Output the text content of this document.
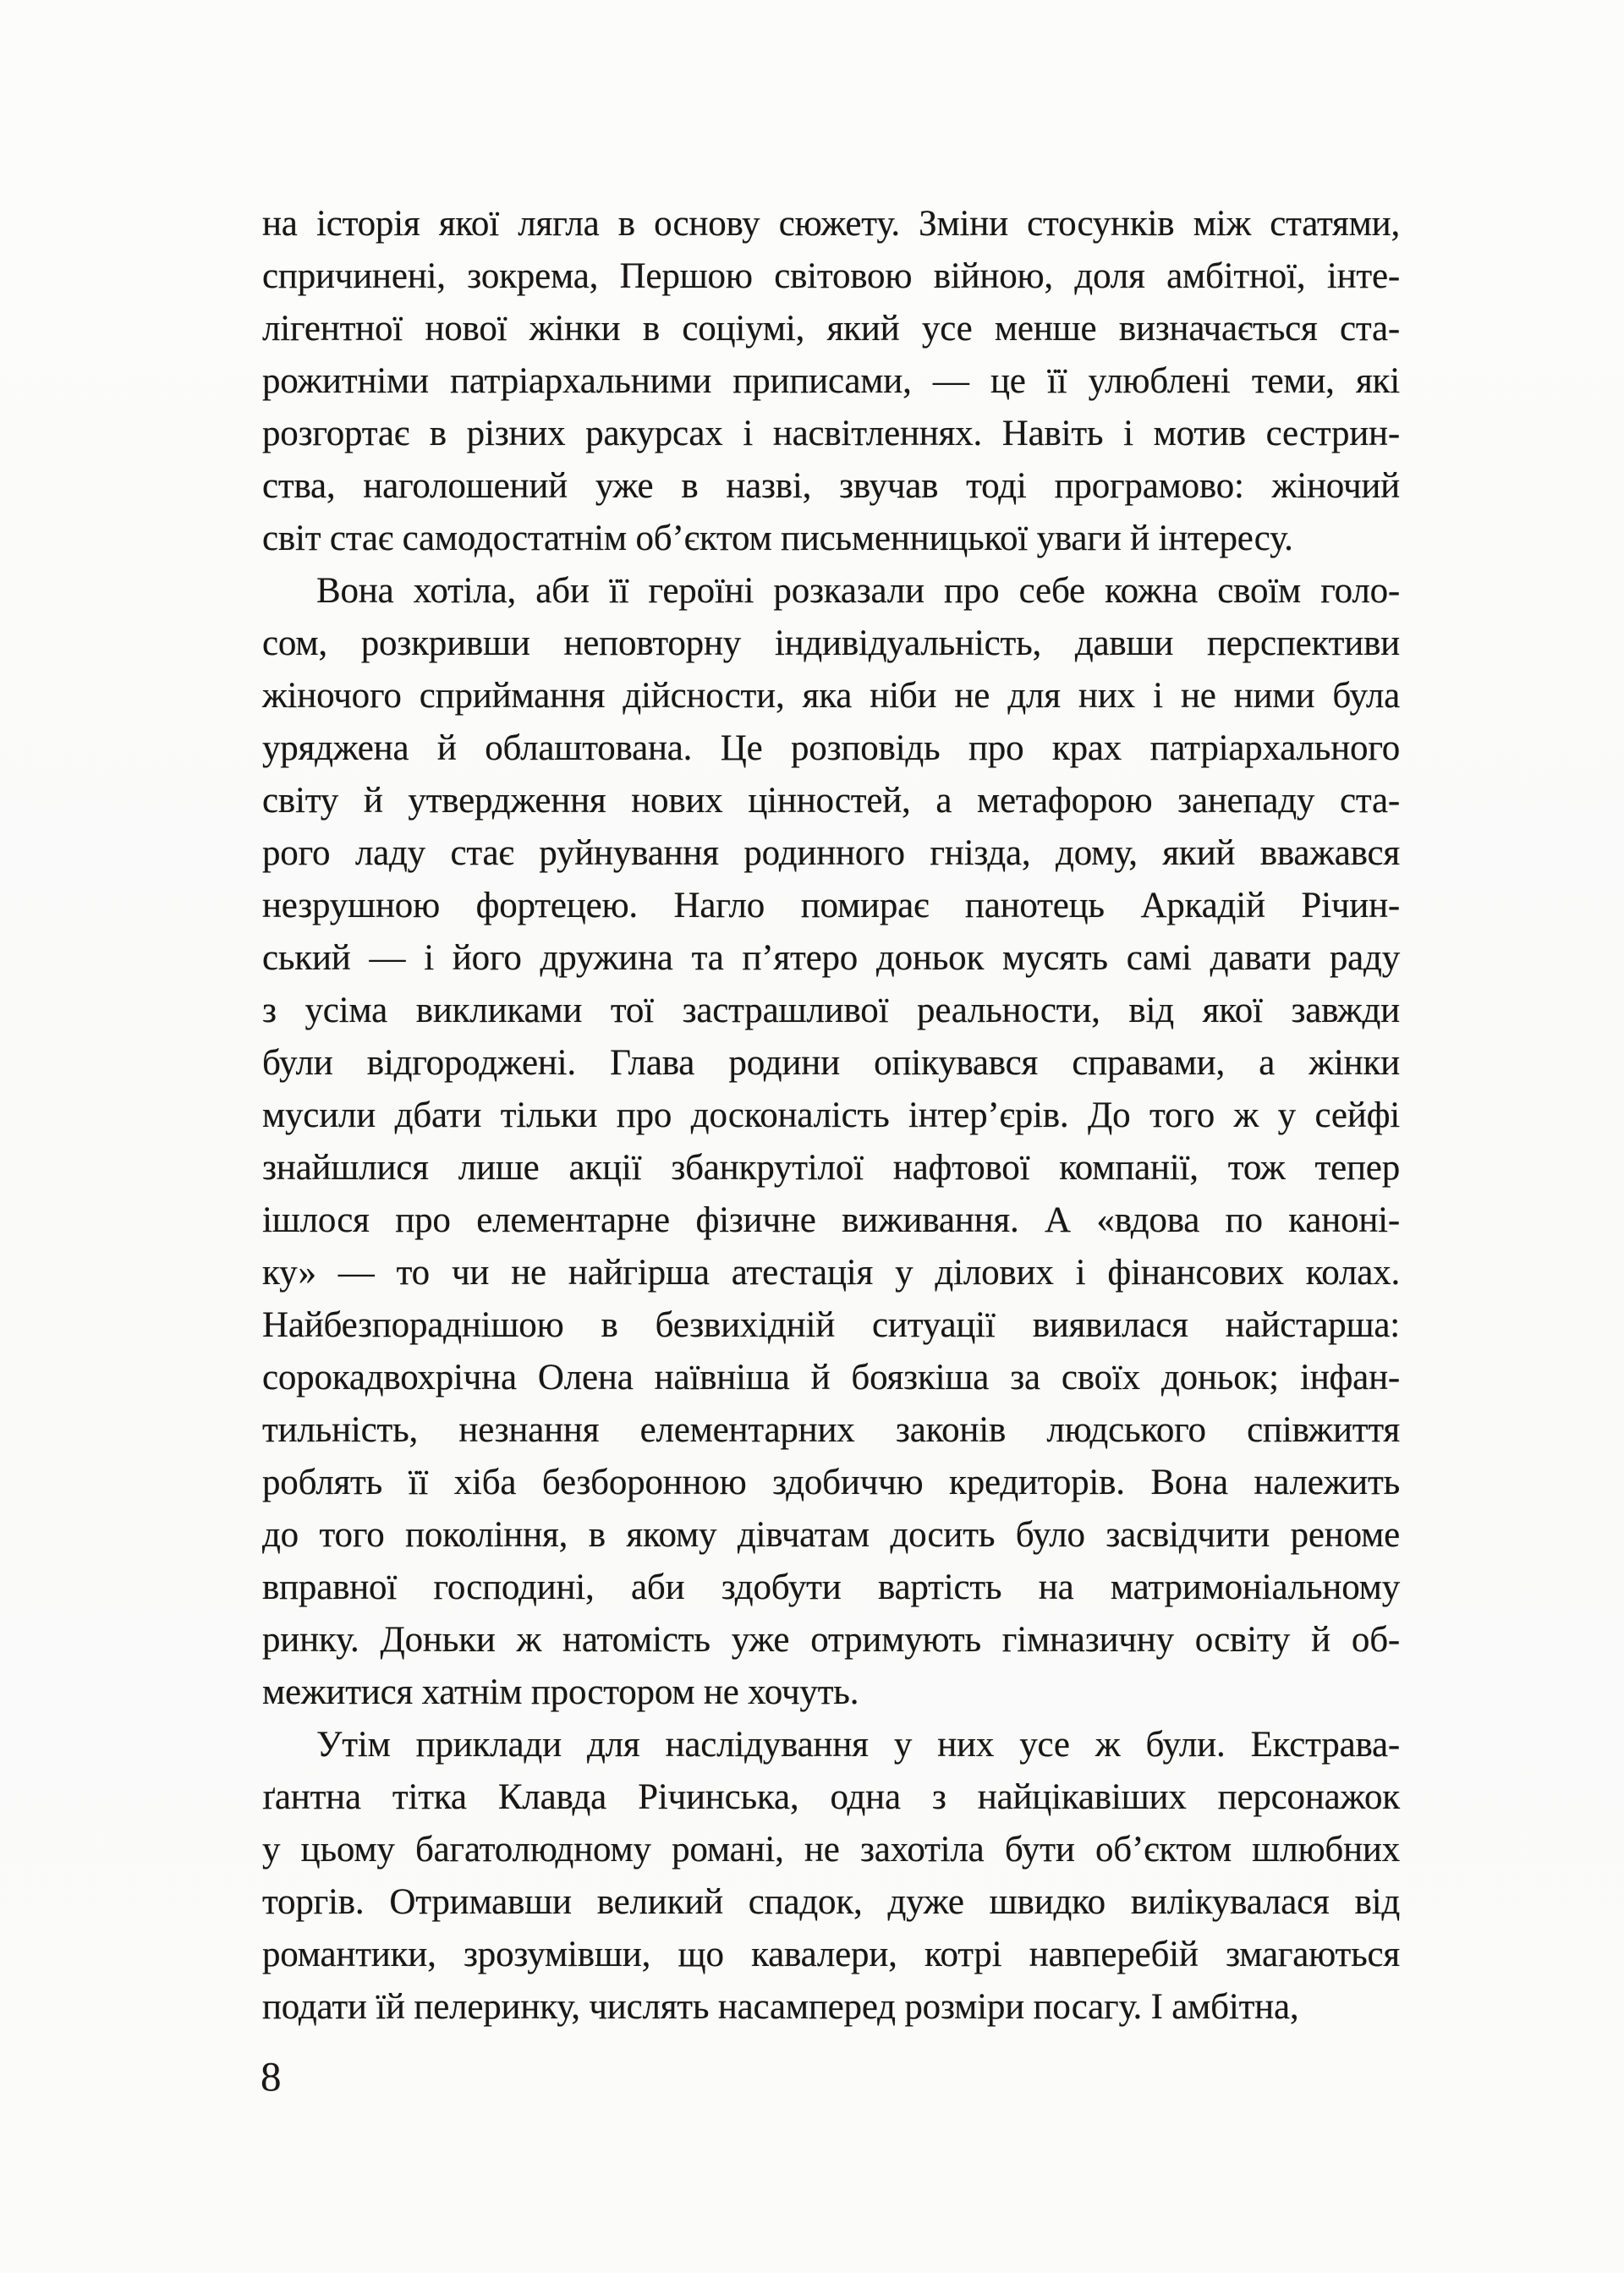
на історія якої лягла в основу сюжету. Зміни стосунків між статями,
спричинені, зокрема, Першою світовою війною, доля амбітної, інте-
лігентної нової жінки в соціумі, який усе менше визначається ста-
рожитніми патріархальними приписами, — це її улюблені теми, які
розгортає в різних ракурсах і насвітленнях. Навіть і мотив сестрин-
ства, наголошений уже в назві, звучав тоді програмово: жіночий
світ стає самодостатнім об’єктом письменницької уваги й інтересу.
Вона хотіла, аби її героїні розказали про себе кожна своїм голо-
сом, розкривши неповторну індивідуальність, давши перспективи
жіночого сприймання дійсности, яка ніби не для них і не ними була
уряджена й облаштована. Це розповідь про крах патріархального
світу й утвердження нових цінностей, а метафорою занепаду ста-
рого ладу стає руйнування родинного гнізда, дому, який вважався
незрушною фортецею. Нагло помирає панотець Аркадій Річин-
ський — і його дружина та п’ятеро доньок мусять самі давати раду
з усіма викликами тої застрашливої реальности, від якої завжди
були відгороджені. Глава родини опікувався справами, а жінки
мусили дбати тільки про досконалість інтер’єрів. До того ж у сейфі
знайшлися лише акції збанкрутілої нафтової компанії, тож тепер
ішлося про елементарне фізичне виживання. А «вдова по каноні-
ку» — то чи не найгірша атестація у ділових і фінансових колах.
Найбезпораднішою в безвихідній ситуації виявилася найстарша:
сорокадвохрічна Олена наївніша й боязкіша за своїх доньок; інфан-
тильність, незнання елементарних законів людського співжиття
роблять її хіба безборонною здобиччю кредиторів. Вона належить
до того покоління, в якому дівчатам досить було засвідчити реноме
вправної господині, аби здобути вартість на матримоніальному
ринку. Доньки ж натомість уже отримують гімназичну освіту й об-
межитися хатнім простором не хочуть.
Утім приклади для наслідування у них усе ж були. Екстрава-
ґантна тітка Клавда Річинська, одна з найцікавіших персонажок
у цьому багатолюдному романі, не захотіла бути об’єктом шлюбних
торгів. Отримавши великий спадок, дуже швидко вилікувалася від
романтики, зрозумівши, що кавалери, котрі навперебій змагаються
подати їй пелеринку, числять насамперед розміри посагу. І амбітна,
8
